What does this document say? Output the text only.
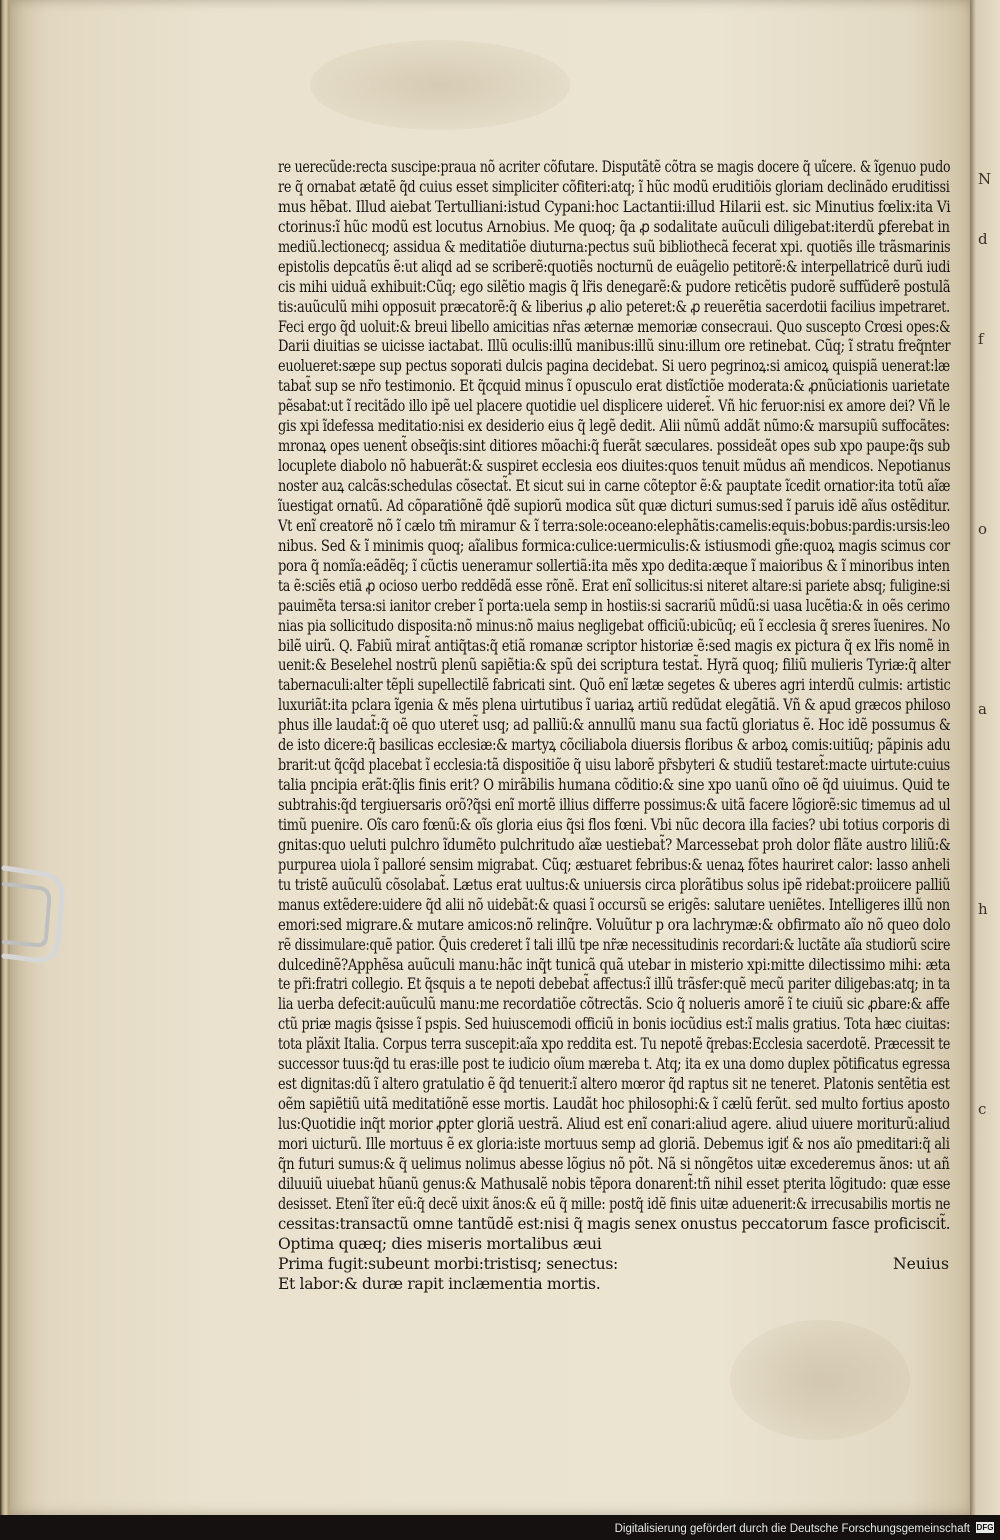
N
d
f
o
a
h
c
re uerecũde:recta suscipe:praua nõ acriter cõfutare. Disputãtẽ cõtra se magis docere q̃ uĩcere. & ĩgenuo pudo
re q̃ ornabat ætatẽ q̃d cuius esset simpliciter cõfiteri:atq; ĩ hũc modũ eruditiõis gloriam declinãdo eruditissi
mus hẽbat. Illud aiebat Tertulliani:istud Cypani:hoc Lactantii:illud Hilarii est. sic Minutius fœlix:ita Vi
ctorinus:ĩ hũc modũ est locutus Arnobius. Me quoq; q̃a ꝓ sodalitate auũculi diligebat:iterdũ ꝑferebat in
mediũ.lectionecq; assidua & meditatiõe diuturna:pectus suũ bibliothecã fecerat xpi. quotiẽs ille trãsmarinis
epistolis depcatũs ẽ:ut aliqd ad se scriberẽ:quotiẽs nocturnũ de euãgelio petitorẽ:& interpellatricẽ durũ iudi
cis mihi uiduã exhibuit:Cũq; ego silẽtio magis q̃ lr̃is denegarẽ:& pudore reticẽtis pudorẽ suffũderẽ postulã
tis:auũculũ mihi opposuit præcatorẽ:q̃ & liberius ꝓ alio peteret:& ꝓ reuerẽtia sacerdotii facilius impetraret.
Feci ergo q̃d uoluit:& breui libello amicitias nr̃as æternæ memoriæ consecraui. Quo suscepto Crœsi opes:&
Darii diuitias se uicisse iactabat. Illũ oculis:illũ manibus:illũ sinu:illum ore retinebat. Cũq; ĩ stratu freq̃nter
euolueret:sæpe sup pectus soporati dulcis pagina decidebat. Si uero pegrinoꝝ:si amicoꝝ quispiã uenerat:læ
tabat̃ sup se nr̃o testimonio. Et q̃cquid minus ĩ opusculo erat distĩctiõe moderata:& ꝓnũciationis uarietate
pẽsabat:ut ĩ recitãdo illo ipẽ uel placere quotidie uel displicere uideret̃. Vñ hic feruor:nisi ex amore dei? Vñ le
gis xpi ĩdefessa meditatio:nisi ex desiderio eius q̃ legẽ dedit. Alii nũmũ addãt nũmo:& marsupiũ suffocãtes:
mronaꝝ opes uenent̃ obseq̃is:sint ditiores mõachi:q̃ fuerãt sæculares. possideãt opes sub xpo paupe:q̃s sub
locuplete diabolo nõ habuerãt:& suspiret ecclesia eos diuites:quos tenuit mũdus añ mendicos. Nepotianus
noster auꝝ calcãs:schedulas cõsectat̃. Et sicut sui in carne cõteptor ẽ:& pauptate ĩcedit ornatior:ita totũ aĩæ
ĩuestigat ornatũ. Ad cõparatiõnẽ q̃dẽ supiorũ modica sũt quæ dicturi sumus:sed ĩ paruis idẽ aĩus ostẽditur.
Vt enĩ creatorẽ nõ ĩ cælo tm̃ miramur & ĩ terra:sole:oceano:elephãtis:camelis:equis:bobus:pardis:ursis:leo
nibus. Sed & ĩ minimis quoq; aĩalibus formica:culice:uermiculis:& istiusmodi gñe:quoꝝ magis scimus cor
pora q̃ nomĩa:eãdẽq; ĩ cũctis ueneramur sollertiã:ita mẽs xpo dedita:æque ĩ maioribus & ĩ minoribus inten
ta ẽ:sciẽs etiã ꝓ ocioso uerbo reddẽdã esse rõnẽ. Erat enĩ sollicitus:si niteret altare:si pariete absq; fuligine:si
pauimẽta tersa:si ianitor creber ĩ porta:uela semp in hostiis:si sacrariũ mũdũ:si uasa lucẽtia:& in oẽs cerimo
nias pia sollicitudo disposita:nõ minus:nõ maius negligebat officiũ:ubicũq; eũ ĩ ecclesia q̃ sreres ĩuenires. No
bilẽ uirũ. Q. Fabiũ mirat̃ antiq̃tas:q̃ etiã romanæ scriptor historiæ ẽ:sed magis ex pictura q̃ ex lr̃is nomẽ in
uenit:& Beselehel nostrũ plenũ sapiẽtia:& spũ dei scriptura testat̃. Hyrã quoq; filiũ mulieris Tyriæ:q̃ alter
tabernaculi:alter tẽpli supellectilẽ fabricati sint. Quõ enĩ lætæ segetes & uberes agri interdũ culmis: artistic
luxuriãt:ita pclara ĩgenia & mẽs plena uirtutibus ĩ uariaꝝ artiũ redũdat elegãtiã. Vñ & apud græcos philoso
phus ille laudat̃:q̃ oẽ quo uteret̃ usq; ad palliũ:& annullũ manu sua factũ gloriatus ẽ. Hoc idẽ possumus &
de isto dicere:q̃ basilicas ecclesiæ:& martyꝝ cõciliabola diuersis floribus & arboꝝ comis:uitiũq; pãpinis adu
brarit:ut q̃cq̃d placebat ĩ ecclesia:tã dispositiõe q̃ uisu laborẽ pr̃sbyteri & studiũ testaret̃:macte uirtute:cuius
talia pncipia erãt:q̃lis finis erit? O mirãbilis humana cõditio:& sine xpo uanũ oĩno oẽ q̃d uiuimus. Quid te
subtrahis:q̃d tergiuersaris orõ?q̃si enĩ mortẽ illius differre possimus:& uitã facere lõgiorẽ:sic timemus ad ul
timũ puenire. Oĩs caro fœnũ:& oĩs gloria eius q̃si flos fœni. Vbi nũc decora illa facies? ubi totius corporis di
gnitas:quo ueluti pulchro ĩdumẽto pulchritudo aĩæ uestiebat̃? Marcessebat proh dolor flãte austro liliũ:&
purpurea uiola ĩ palloré sensim migrabat. Cũq; æstuaret febribus:& uenaꝝ fõtes hauriret calor: lasso anheli
tu tristẽ auũculũ cõsolabat̃. Lætus erat uultus:& uniuersis circa plorãtibus solus ipẽ ridebat:proiicere palliũ
manus extẽdere:uidere q̃d alii nõ uidebãt:& quasi ĩ occursũ se erigẽs: salutare ueniẽtes. Intelligeres illũ non
emori:sed migrare.& mutare amicos:nõ relinq̃re. Voluũtur p ora lachrymæ:& obfirmato aĩo nõ queo dolo
rẽ dissimulare:quẽ patior. Q̃uis crederet ĩ tali illũ tpe nr̃æ necessitudinis recordari:& luctãte aĩa studiorũ scire
dulcedinẽ?Apphẽsa auũculi manu:hãc inq̃t tunicã quã utebar in misterio xpi:mitte dilectissimo mihi: æta
te pr̃i:fratri collegio. Et q̃squis a te nepoti debebat̃ affectus:ĩ illũ trãsfer:quẽ mecũ pariter diligebas:atq; in ta
lia uerba defecit:auũculũ manu:me recordatiõe cõtrectãs. Scio q̃ nolueris amorẽ ĩ te ciuiũ sic ꝓbare:& affe
ctũ priæ magis q̃sisse ĩ pspis. Sed huiuscemodi officiũ in bonis iocũdius est:ĩ malis gratius. Tota hæc ciuitas:
tota plãxit Italia. Corpus terra suscepit:aĩa xpo reddita est. Tu nepotẽ q̃rebas:Ecclesia sacerdotẽ. Præcessit te
successor tuus:q̃d tu eras:ille post te iudicio oĩum mæreba t. Atq; ita ex una domo duplex põtificatus egressa
est dignitas:dũ ĩ altero gratulatio ẽ q̃d tenuerit:ĩ altero mœror q̃d raptus sit ne teneret. Platonis sentẽtia est
oẽm sapiẽtiũ uitã meditatiõnẽ esse mortis. Laudãt hoc philosophi:& ĩ cælũ ferũt. sed multo fortius aposto
lus:Quotidie inq̃t morior ꝓpter gloriã uestrã. Aliud est enĩ conari:aliud agere. aliud uiuere moriturũ:aliud
mori uicturũ. Ille mortuus ẽ ex gloria:iste mortuus semp ad gloriã. Debemus igiť & nos aĩo pmeditari:q̃ ali
q̃n futuri sumus:& q̃ uelimus nolimus abesse lõgius nõ põt. Nã si nõngẽtos uitæ excederemus ãnos: ut añ
diluuiũ uiuebat hũanũ genus:& Mathusalẽ nobis tẽpora donarent̃:tñ nihil esset pterita lõgitudo: quæ esse
desisset. Etenĩ ĩter eũ:q̃ decẽ uixit ãnos:& eũ q̃ mille: postq̃ idẽ finis uitæ aduenerit:& irrecusabilis mortis ne
cessitas:transactũ omne tantũdẽ est:nisi q̃ magis senex onustus peccatorum fasce proficiscit̃.
Optima quæq; dies miseris mortalibus æui
Prima fugit:subeunt morbi:tristisq; senectus:
Et labor:& duræ rapit inclæmentia mortis.
Neuius
Digitalisierung gefördert durch die Deutsche Forschungsgemeinschaft DFG
